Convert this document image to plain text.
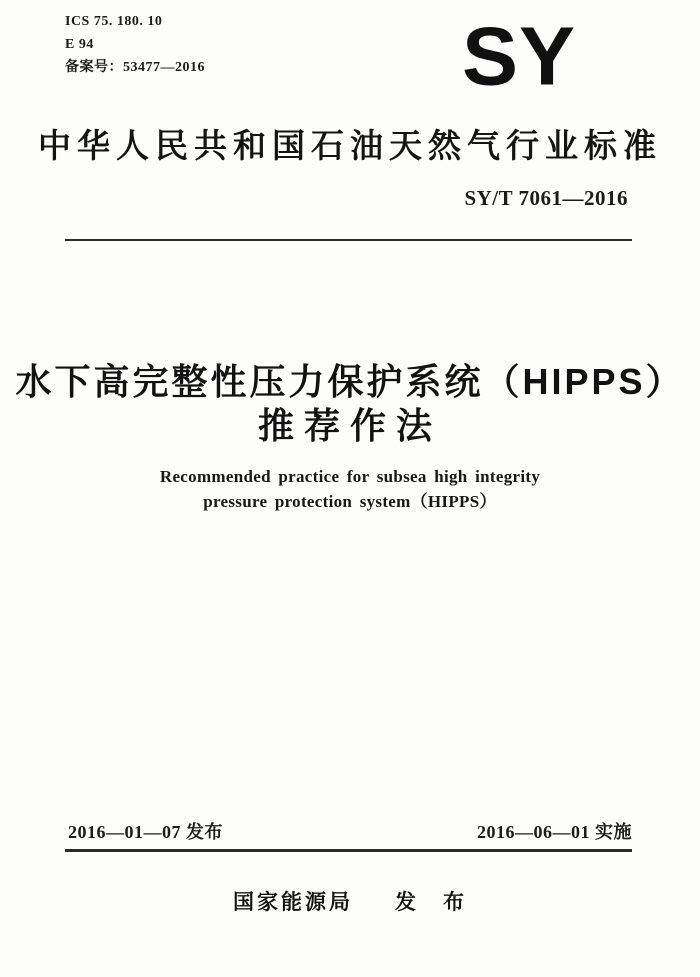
ICS 75. 180. 10
E 94
备案号：53477—2016	SY
中华人民共和国石油天然气行业标准
SY/T 7061—2016
水下高完整性压力保护系统（HIPPS）
推荐作法
Recommended practice for subsea high integrity
pressure protection system（HIPPS）
2016—01—07 发布	2016—06—01 实施
国家能源局 发　布
